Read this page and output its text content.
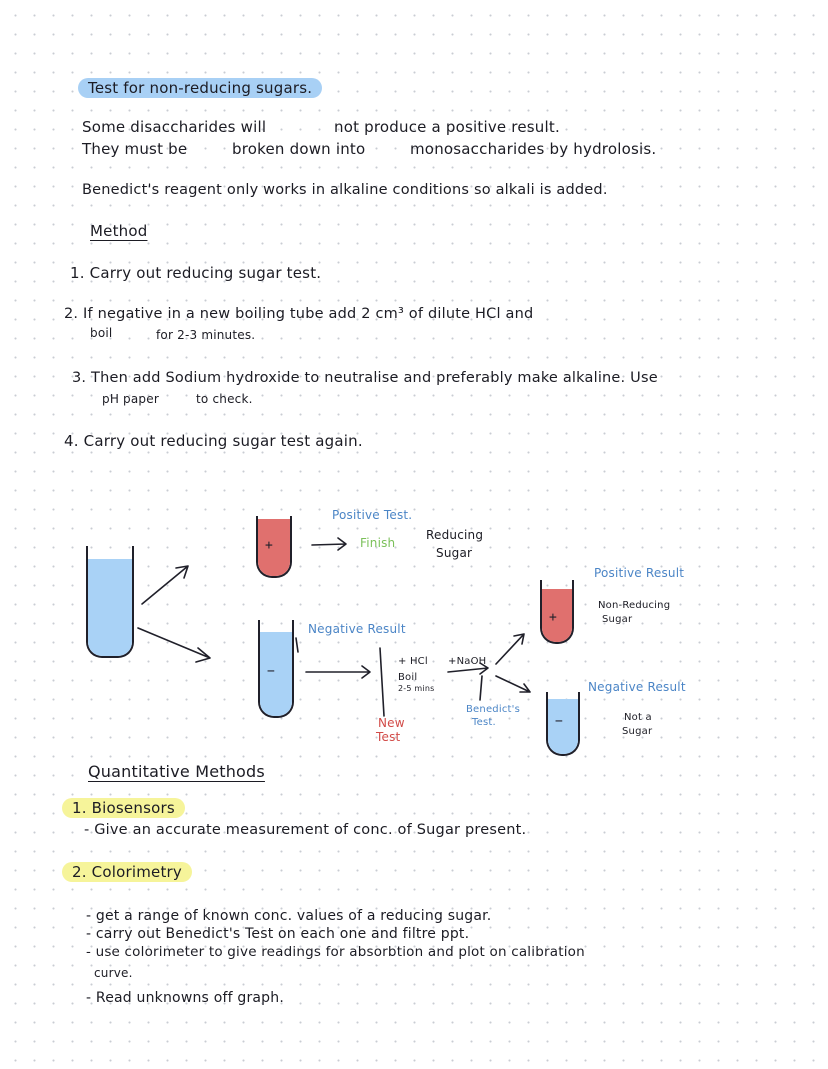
Test for non-reducing sugars.
Some disaccharides will	not produce a positive result.
They must be	broken down into	monosaccharides by hydrolosis.
Benedict's reagent only works in alkaline conditions so alkali is added.
Method
1. Carry out reducing sugar test.
2. If negative in a new boiling tube add 2 cm³ of dilute HCl and
boil	for 2-3 minutes.
3. Then add Sodium hydroxide to neutralise and preferably make alkaline. Use
pH paper	to check.
4. Carry out reducing sugar test again.
+
−
+
−
Positive Test.
Finish
Reducing
Sugar
Negative Result
+ HCl
Boil
2-5 mins
+NaOH
New
Test
Benedict's
Test.
Positive Result
Non-Reducing
Sugar
Negative Result
Not a
Sugar
Quantitative Methods
1. Biosensors
- Give an accurate measurement of conc. of Sugar present.
2. Colorimetry
- get a range of known conc. values of a reducing sugar.
- carry out Benedict's Test on each one and filtre ppt.
- use colorimeter to give readings for absorbtion and plot on calibration
curve.
- Read unknowns off graph.
